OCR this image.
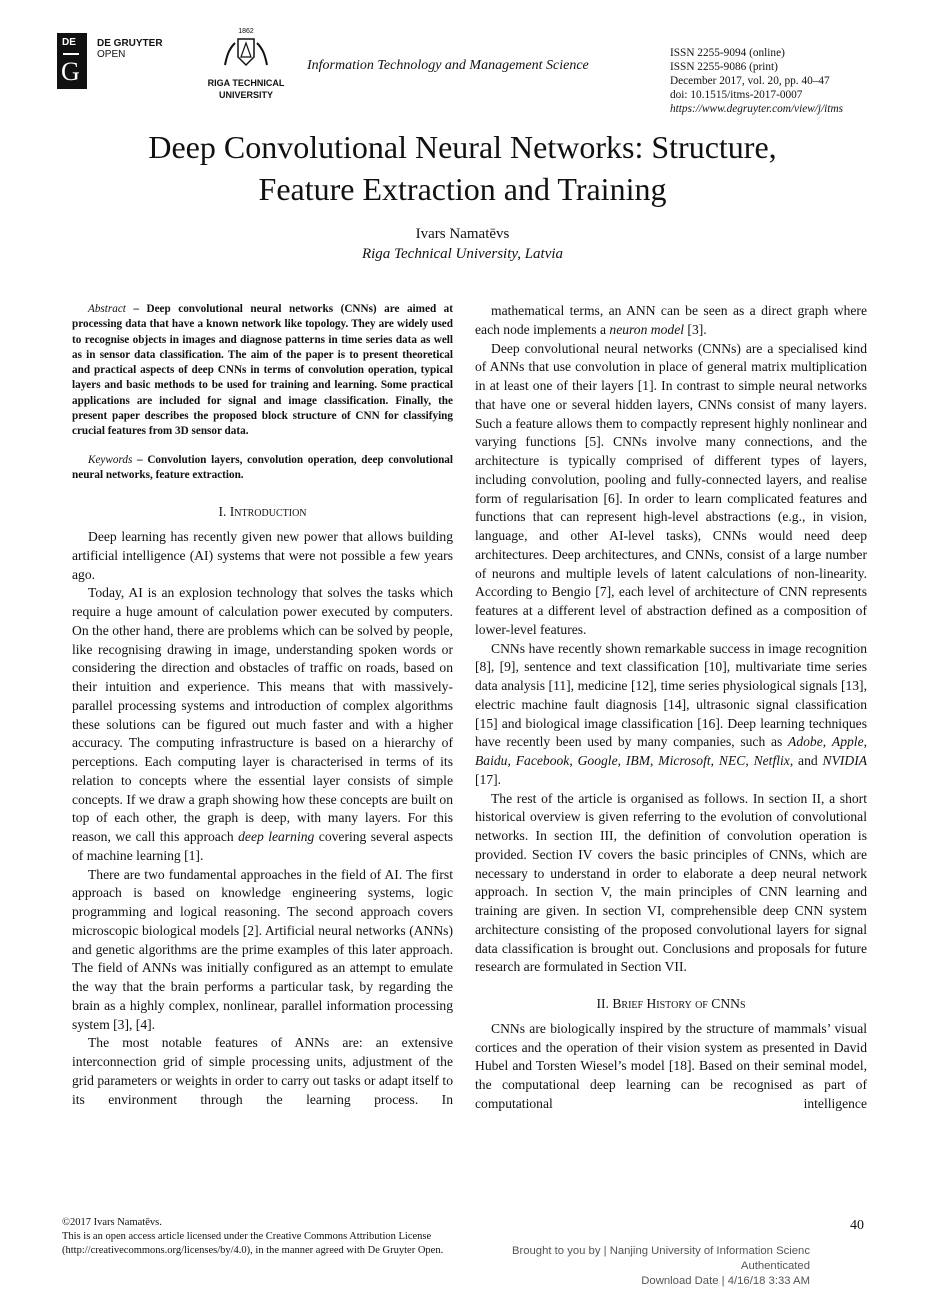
DE
G
DE GRUYTER
OPEN
1862
RIGA TECHNICAL
UNIVERSITY
Information Technology and Management Science
ISSN 2255-9094 (online)
ISSN 2255-9086 (print)
December 2017, vol. 20, pp. 40–47
doi: 10.1515/itms-2017-0007
https://www.degruyter.com/view/j/itms
Deep Convolutional Neural Networks: Structure,
Feature Extraction and Training
Ivars Namatēvs
Riga Technical University, Latvia

Abstract – Deep convolutional neural networks (CNNs) are aimed at processing data that have a known network like topology. They are widely used to recognise objects in images and diagnose patterns in time series data as well as in sensor data classification. The aim of the paper is to present theoretical and practical aspects of deep CNNs in terms of convolution operation, typical layers and basic methods to be used for training and learning. Some practical applications are included for signal and image classification. Finally, the present paper describes the proposed block structure of CNN for classifying crucial features from 3D sensor data.

Keywords – Convolution layers, convolution operation, deep convolutional neural networks, feature extraction.

I. Introduction

Deep learning has recently given new power that allows building artificial intelligence (AI) systems that were not possible a few years ago.

Today, AI is an explosion technology that solves the tasks which require a huge amount of calculation power executed by computers. On the other hand, there are problems which can be solved by people, like recognising drawing in image, understanding spoken words or considering the direction and obstacles of traffic on roads, based on their intuition and experience. This means that with massively-parallel processing systems and introduction of complex algorithms these solutions can be figured out much faster and with a higher accuracy. The computing infrastructure is based on a hierarchy of perceptions. Each computing layer is characterised in terms of its relation to concepts where the essential layer consists of simple concepts. If we draw a graph showing how these concepts are built on top of each other, the graph is deep, with many layers. For this reason, we call this approach deep learning covering several aspects of machine learning [1].

There are two fundamental approaches in the field of AI. The first approach is based on knowledge engineering systems, logic programming and logical reasoning. The second approach covers microscopic biological models [2]. Artificial neural networks (ANNs) and genetic algorithms are the prime examples of this later approach. The field of ANNs was initially configured as an attempt to emulate the way that the brain performs a particular task, by regarding the brain as a highly complex, nonlinear, parallel information processing system [3], [4].

The most notable features of ANNs are: an extensive interconnection grid of simple processing units, adjustment of the grid parameters or weights in order to carry out tasks or adapt itself to its environment through the learning process. In

mathematical terms, an ANN can be seen as a direct graph where each node implements a neuron model [3].

Deep convolutional neural networks (CNNs) are a specialised kind of ANNs that use convolution in place of general matrix multiplication in at least one of their layers [1]. In contrast to simple neural networks that have one or several hidden layers, CNNs consist of many layers. Such a feature allows them to compactly represent highly nonlinear and varying functions [5]. CNNs involve many connections, and the architecture is typically comprised of different types of layers, including convolution, pooling and fully-connected layers, and realise form of regularisation [6]. In order to learn complicated features and functions that can represent high-level abstractions (e.g., in vision, language, and other AI-level tasks), CNNs would need deep architectures. Deep architectures, and CNNs, consist of a large number of neurons and multiple levels of latent calculations of non-linearity. According to Bengio [7], each level of architecture of CNN represents features at a different level of abstraction defined as a composition of lower-level features.

CNNs have recently shown remarkable success in image recognition [8], [9], sentence and text classification [10], multivariate time series data analysis [11], medicine [12], time series physiological signals [13], electric machine fault diagnosis [14], ultrasonic signal classification [15] and biological image classification [16]. Deep learning techniques have recently been used by many companies, such as Adobe, Apple, Baidu, Facebook, Google, IBM, Microsoft, NEC, Netflix, and NVIDIA [17].

The rest of the article is organised as follows. In section II, a short historical overview is given referring to the evolution of convolutional networks. In section III, the definition of convolution operation is provided. Section IV covers the basic principles of CNNs, which are necessary to understand in order to elaborate a deep neural network approach. In section V, the main principles of CNN learning and training are given. In section VI, comprehensible deep CNN system architecture consisting of the proposed convolutional layers for signal data classification is brought out. Conclusions and proposals for future research are formulated in Section VII.

II. Brief History of CNNs

CNNs are biologically inspired by the structure of mammals’ visual cortices and the operation of their vision system as presented in David Hubel and Torsten Wiesel’s model [18]. Based on their seminal model, the computational deep learning can be recognised as part of computational intelligence

©2017 Ivars Namatēvs.
This is an open access article licensed under the Creative Commons Attribution License
(http://creativecommons.org/licenses/by/4.0), in the manner agreed with De Gruyter Open.
40
Brought to you by | Nanjing University of Information Scienc
Authenticated
Download Date | 4/16/18 3:33 AM
